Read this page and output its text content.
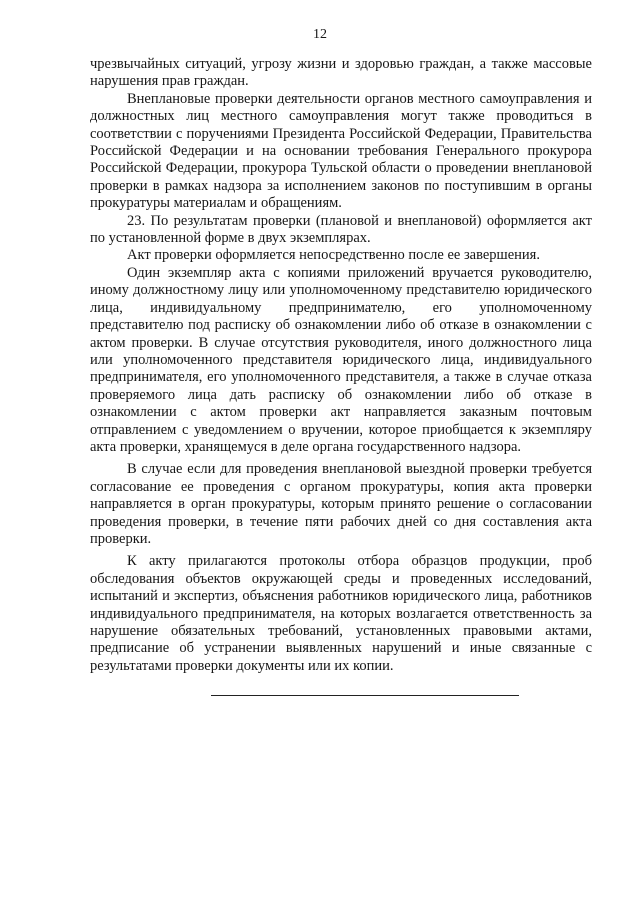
12

чрезвычайных ситуаций, угрозу жизни и здоровью граждан, а также массовые нарушения прав граждан.

Внеплановые проверки деятельности органов местного самоуправления и должностных лиц местного самоуправления могут также проводиться в соответствии с поручениями Президента Российской Федерации, Правительства Российской Федерации и на основании требования Генерального прокурора Российской Федерации, прокурора Тульской области о проведении внеплановой проверки в рамках надзора за исполнением законов по поступившим в органы прокуратуры материалам и обращениям.

23. По результатам проверки (плановой и внеплановой) оформляется акт по установленной форме в двух экземплярах.

Акт проверки оформляется непосредственно после ее завершения.

Один экземпляр акта с копиями приложений вручается руководителю, иному должностному лицу или уполномоченному представителю юридического лица, индивидуальному предпринимателю, его уполномоченному представителю под расписку об ознакомлении либо об отказе в ознакомлении с актом проверки. В случае отсутствия руководителя, иного должностного лица или уполномоченного представителя юридического лица, индивидуального предпринимателя, его уполномоченного представителя, а также в случае отказа проверяемого лица дать расписку об ознакомлении либо об отказе в ознакомлении с актом проверки акт направляется заказным почтовым отправлением с уведомлением о вручении, которое приобщается к экземпляру акта проверки, хранящемуся в деле органа государственного надзора.

В случае если для проведения внеплановой выездной проверки требуется согласование ее проведения с органом прокуратуры, копия акта проверки направляется в орган прокуратуры, которым принято решение о согласовании проведения проверки, в течение пяти рабочих дней со дня составления акта проверки.

К акту прилагаются протоколы отбора образцов продукции, проб обследования объектов окружающей среды и проведенных исследований, испытаний и экспертиз, объяснения работников юридического лица, работников индивидуального предпринимателя, на которых возлагается ответственность за нарушение обязательных требований, установленных правовыми актами, предписание об устранении выявленных нарушений и иные связанные с результатами проверки документы или их копии.
